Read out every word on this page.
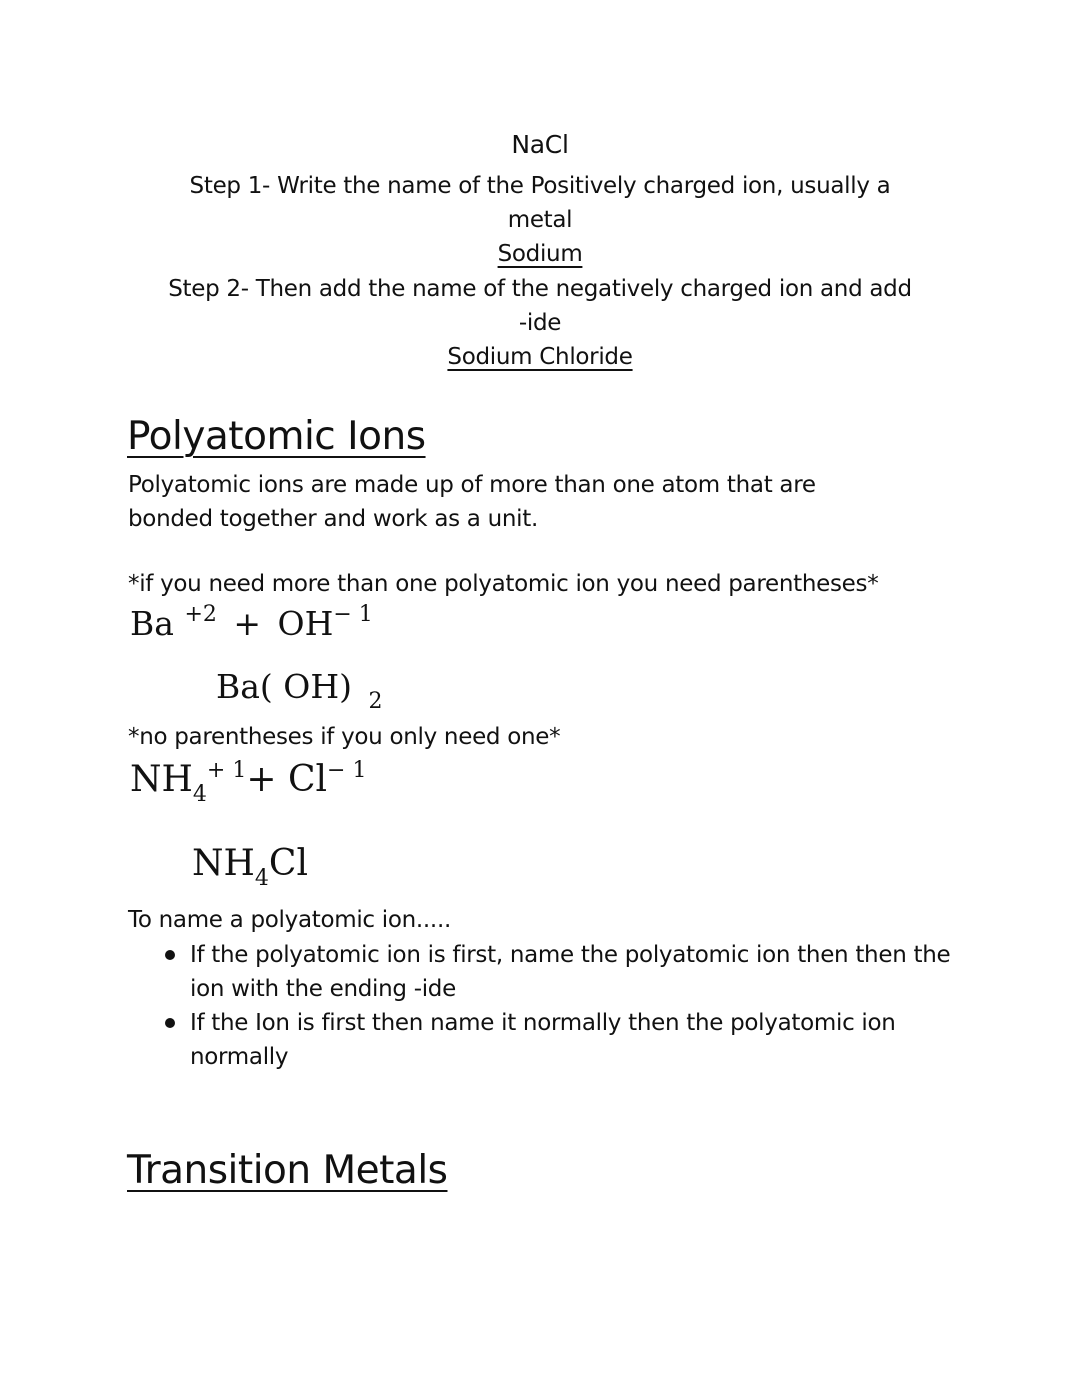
NaCl
Step 1- Write the name of the Positively charged ion, usually a
metal
Sodium
Step 2- Then add the name of the negatively charged ion and add
-ide
Sodium Chloride
Polyatomic Ions
Polyatomic ions are made up of more than one atom that are
bonded together and work as a unit.
*if you need more than one polyatomic ion you need parentheses*
Ba $^{+2} + OH^{- 1}$
Ba( OH) $_2$
*no parentheses if you only need one*
$NH_4^{+ 1}+ Cl^{- 1}$
$NH_4Cl$
To name a polyatomic ion.....
If the polyatomic ion is first, name the polyatomic ion then then the ion with the ending -ide
If the Ion is first then name it normally then the polyatomic ion normally
Transition Metals
